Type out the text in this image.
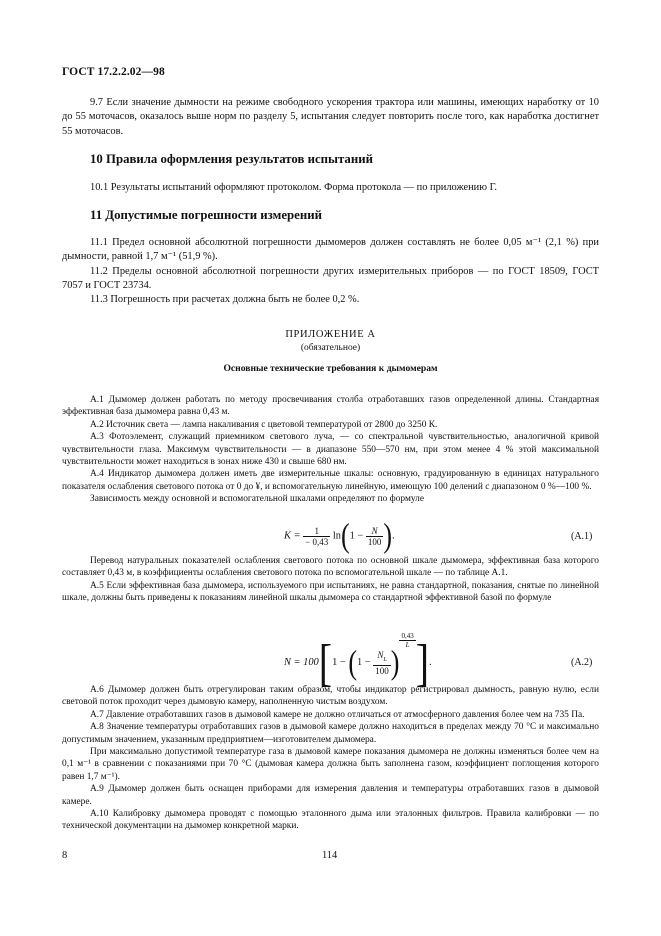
ГОСТ 17.2.2.02—98

9.7 Если значение дымности на режиме свободного ускорения трактора или машины, имеющих наработку от 10 до 55 моточасов, оказалось выше норм по разделу 5, испытания следует повторить после того, как наработка достигнет 55 моточасов.

10 Правила оформления результатов испытаний

10.1 Результаты испытаний оформляют протоколом. Форма протокола — по приложению Г.

11 Допустимые погрешности измерений

11.1 Предел основной абсолютной погрешности дымомеров должен составлять не более 0,05 м⁻¹ (2,1 %) при дымности, равной 1,7 м⁻¹ (51,9 %).

11.2 Пределы основной абсолютной погрешности других измерительных приборов — по ГОСТ 18509, ГОСТ 7057 и ГОСТ 23734.

11.3 Погрешность при расчетах должна быть не более 0,2 %.

ПРИЛОЖЕНИЕ А
(обязательное)
Основные технические требования к дымомерам

А.1 Дымомер должен работать по методу просвечивания столба отработавших газов определенной длины. Стандартная эффективная база дымомера равна 0,43 м.

А.2 Источник света — лампа накаливания с цветовой температурой от 2800 до 3250 К.

А.3 Фотоэлемент, служащий приемником светового луча, — со спектральной чувствительностью, аналогичной кривой чувствительности глаза. Максимум чувствительности — в диапазоне 550—570 нм, при этом менее 4 % этой максимальной чувствительности может находиться в зонах ниже 430 и свыше 680 нм.

А.4 Индикатор дымомера должен иметь две измерительные шкалы: основную, градуированную в единицах натурального показателя ослабления светового потока от 0 до ¥, и вспомогательную линейную, имеющую 100 делений с диапазоном 0 %—100 %.

Зависимость между основной и вспомогательной шкалами определяют по формуле

$K = \frac{1}{- 0,43} \ln(1 - \frac{N}{100}$ ).	(А.1)

Перевод натуральных показателей ослабления светового потока по основной шкале дымомера, эффективная база которого составляет 0,43 м, в коэффициенты ослабления светового потока по вспомогательной шкале — по таблице А.1.

А.5 Если эффективная база дымомера, используемого при испытаниях, не равна стандартной, показания, снятые по линейной шкале, должны быть приведены к показаниям линейной шкалы дымомера со стандартной эффективной базой по формуле

$N = 100[1 - (1 - \frac{N_L}{100}$ )
$\frac{0,43}{L}$ ].	(А.2)

А.6 Дымомер должен быть отрегулирован таким образом, чтобы индикатор регистрировал дымность, равную нулю, если световой поток проходит через дымовую камеру, наполненную чистым воздухом.

А.7 Давление отработавших газов в дымовой камере не должно отличаться от атмосферного давления более чем на 735 Па.

А.8 Значение температуры отработавших газов в дымовой камере должно находиться в пределах между 70 °С и максимально допустимым значением, указанным предприятием—изготовителем дымомера.

При максимально допустимой температуре газа в дымовой камере показания дымомера не должны изменяться более чем на 0,1 м⁻¹ в сравнении с показаниями при 70 °С (дымовая камера должна быть заполнена газом, коэффициент поглощения которого равен 1,7 м⁻¹).

А.9 Дымомер должен быть оснащен приборами для измерения давления и температуры отработавших газов в дымовой камере.

А.10 Калибровку дымомера проводят с помощью эталонного дыма или эталонных фильтров. Правила калибровки — по технической документации на дымомер конкретной марки.

8	114
